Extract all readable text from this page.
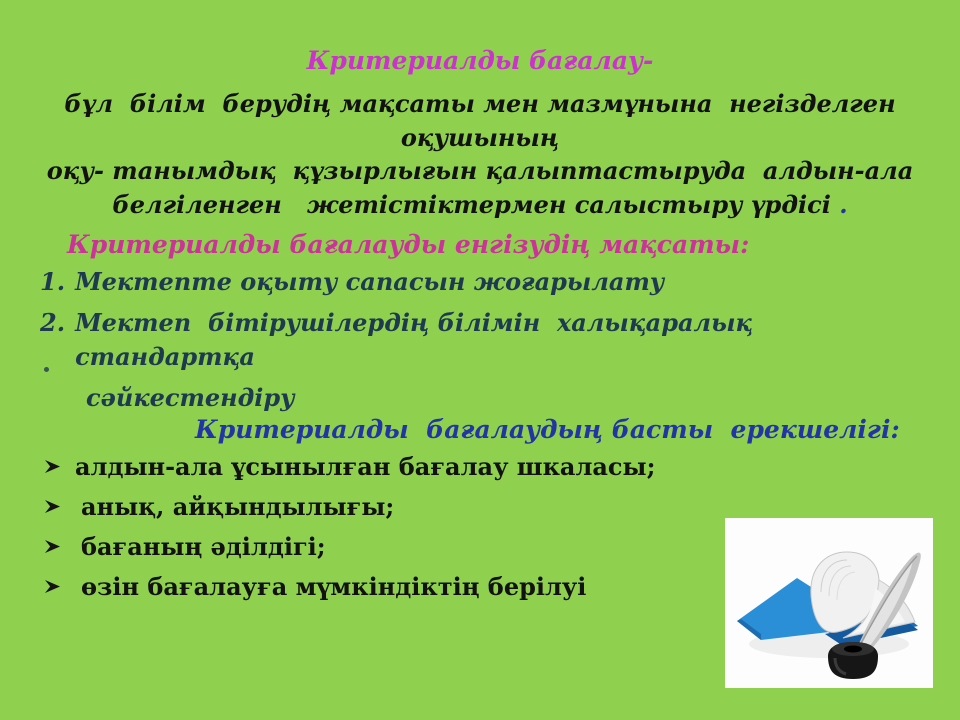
Критериалды бағалау-
бұл  білім  берудің мақсаты мен мазмұнына  негізделген  оқушының
оқу- танымдық  құзырлығын қалыптастыруда  алдын-ала
белгіленген   жетістіктермен салыстыру үрдісі .
Критериалды бағалауды енгізудің мақсаты:
1. Мектепте оқыту сапасын жоғарылату
2. Мектеп  бітірушілердің білімін  халықаралық стандартқа
сәйкестендіру
Критериалды  бағалаудың басты  ерекшелігі:
алдын-ала ұсынылған бағалау шкаласы;
анық, айқындылығы;
бағаның әділдігі;
өзін бағалауға мүмкіндіктің берілуі
